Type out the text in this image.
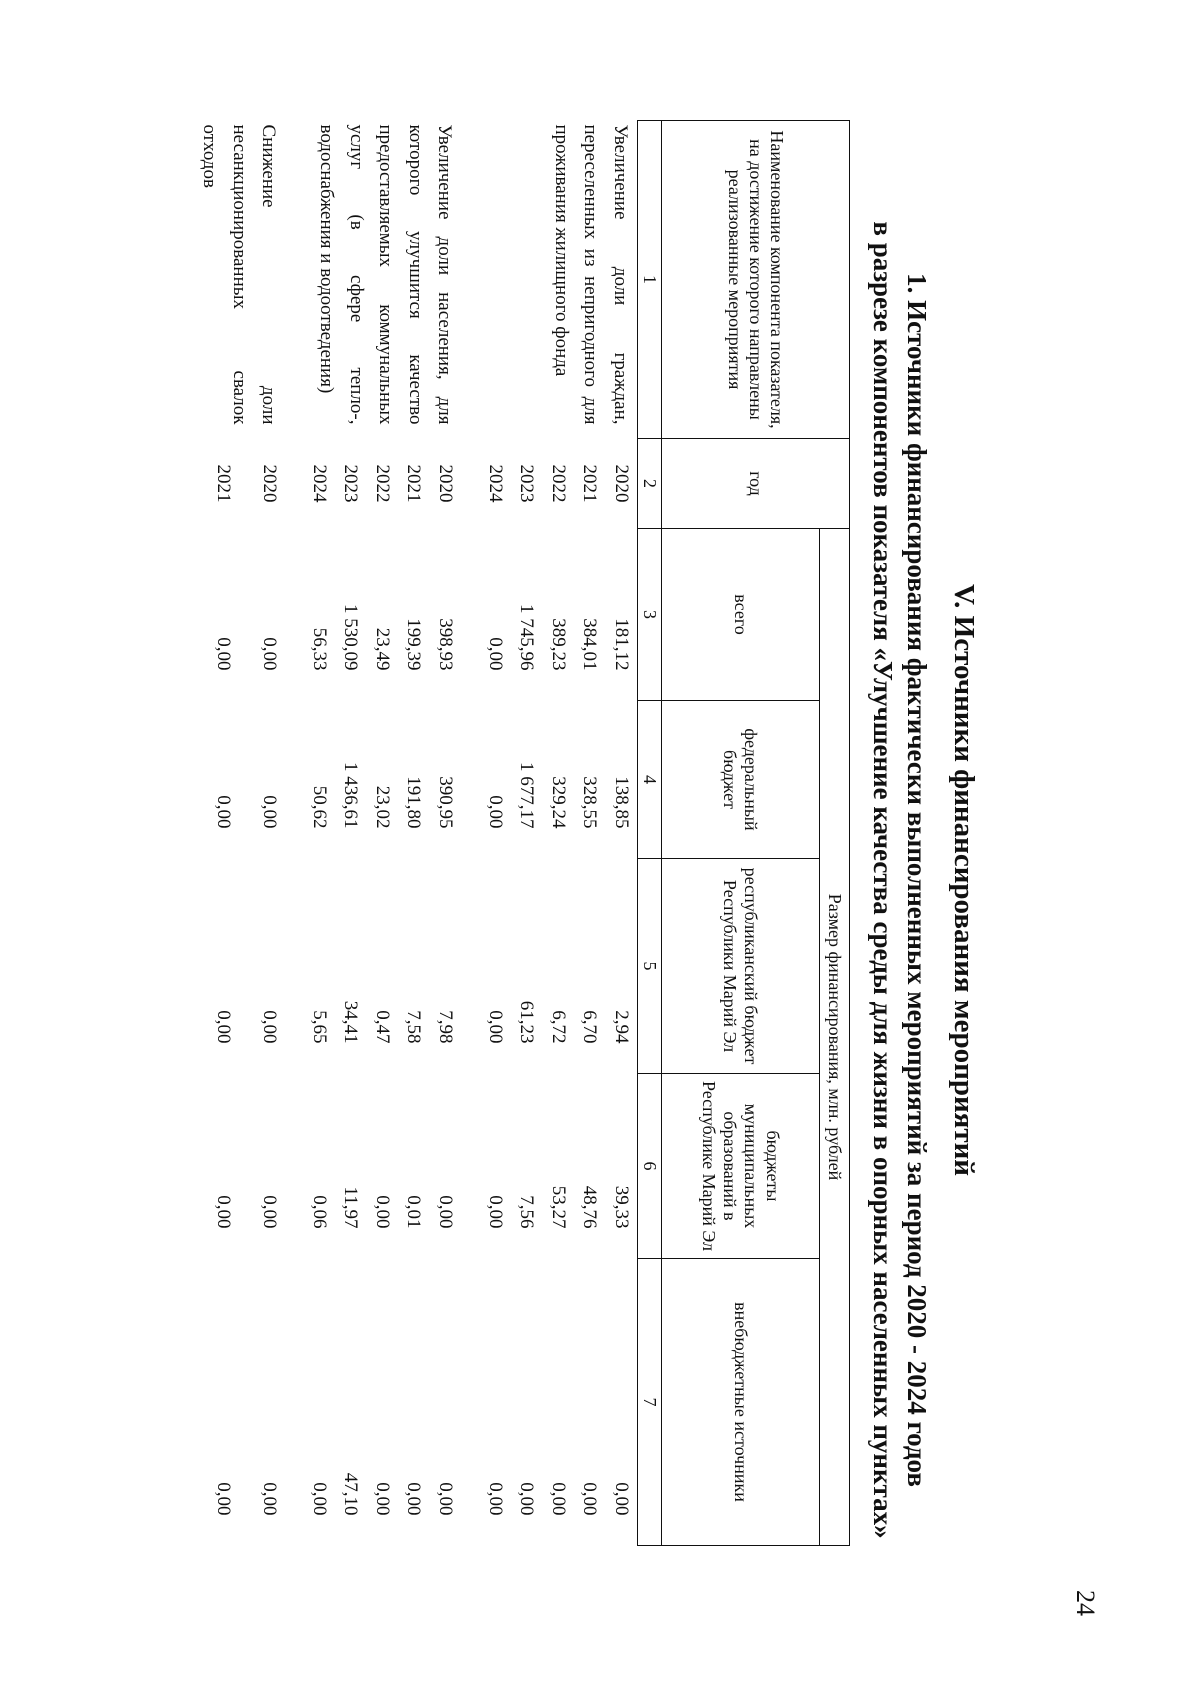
24
V. Источники финансирования мероприятий
1. Источники финансирования фактически выполненных мероприятий за период 2020 - 2024 годов
в разрезе компонентов показателя «Улучшение качества среды для жизни в опорных населенных пунктах»
Наименование компонента показателя, на достижение которого направлены реализованные мероприятия	год	Размер финансирования, млн. рублей				
		всего	федеральный бюджет	республиканский бюджет Республики Марий Эл	бюджеты муниципальных образований в Республике Марий Эл	внебюджетные источники
1	2	3	4	5	6	7
Увеличение доли граждан, переселенных из непригодного для проживания жилищного фонда	2020	181,12	138,85	2,94	39,33	0,00
	2021	384,01	328,55	6,70	48,76	0,00
	2022	389,23	329,24	6,72	53,27	0,00
	2023	1 745,96	1 677,17	61,23	7,56	0,00
	2024	0,00	0,00	0,00	0,00	0,00

Увеличение доли населения, для которого улучшится качество предоставляемых коммунальных услуг (в сфере тепло-, водоснабжения и водоотведения)	2020	398,93	390,95	7,98	0,00	0,00
	2021	199,39	191,80	7,58	0,01	0,00
	2022	23,49	23,02	0,47	0,00	0,00
	2023	1 530,09	1 436,61	34,41	11,97	47,10
	2024	56,33	50,62	5,65	0,06	0,00

Снижение доли несанкционированных свалок отходов	2020	0,00	0,00	0,00	0,00	0,00
	2021	0,00	0,00	0,00	0,00	0,00
